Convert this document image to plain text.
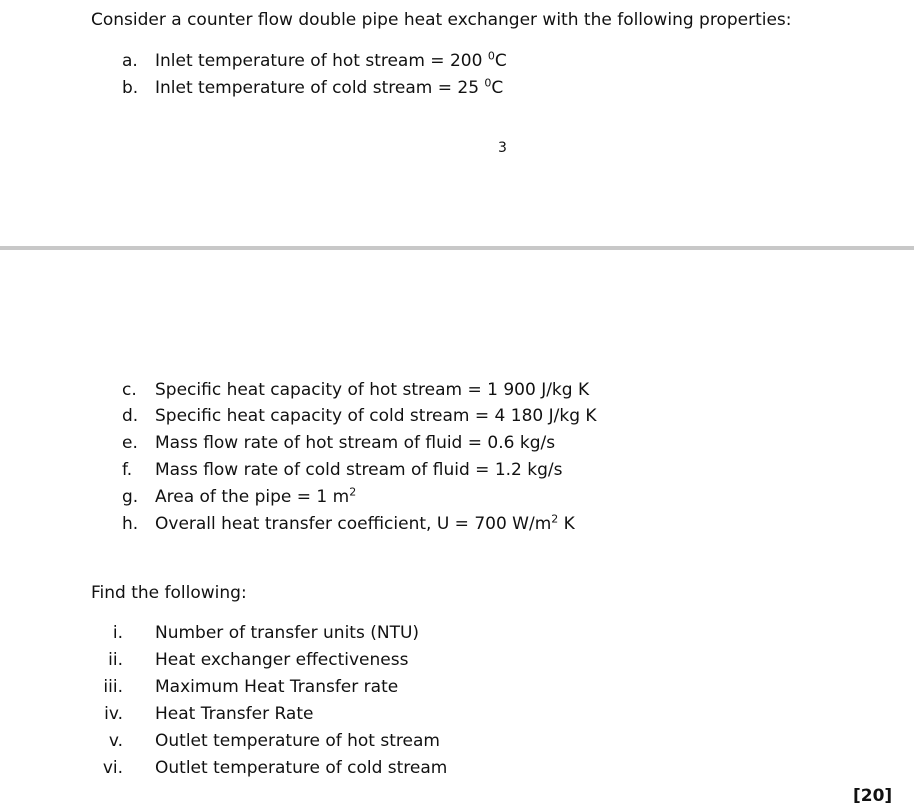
Consider a counter flow double pipe heat exchanger with the following properties:
a. Inlet temperature of hot stream = 200 $^0$C
b. Inlet temperature of cold stream = 25 $^0$C
3
c. Specific heat capacity of hot stream = 1 900 J/kg K
d. Specific heat capacity of cold stream = 4 180 J/kg K
e. Mass flow rate of hot stream of fluid = 0.6 kg/s
f. Mass flow rate of cold stream of fluid = 1.2 kg/s
g. Area of the pipe = 1 $m^2$
h. Overall heat transfer coefficient, U = 700 $W/m^2$ K
Find the following:
i. Number of transfer units (NTU)
ii. Heat exchanger effectiveness
iii. Maximum Heat Transfer rate
iv. Heat Transfer Rate
v. Outlet temperature of hot stream
vi. Outlet temperature of cold stream
[20]
